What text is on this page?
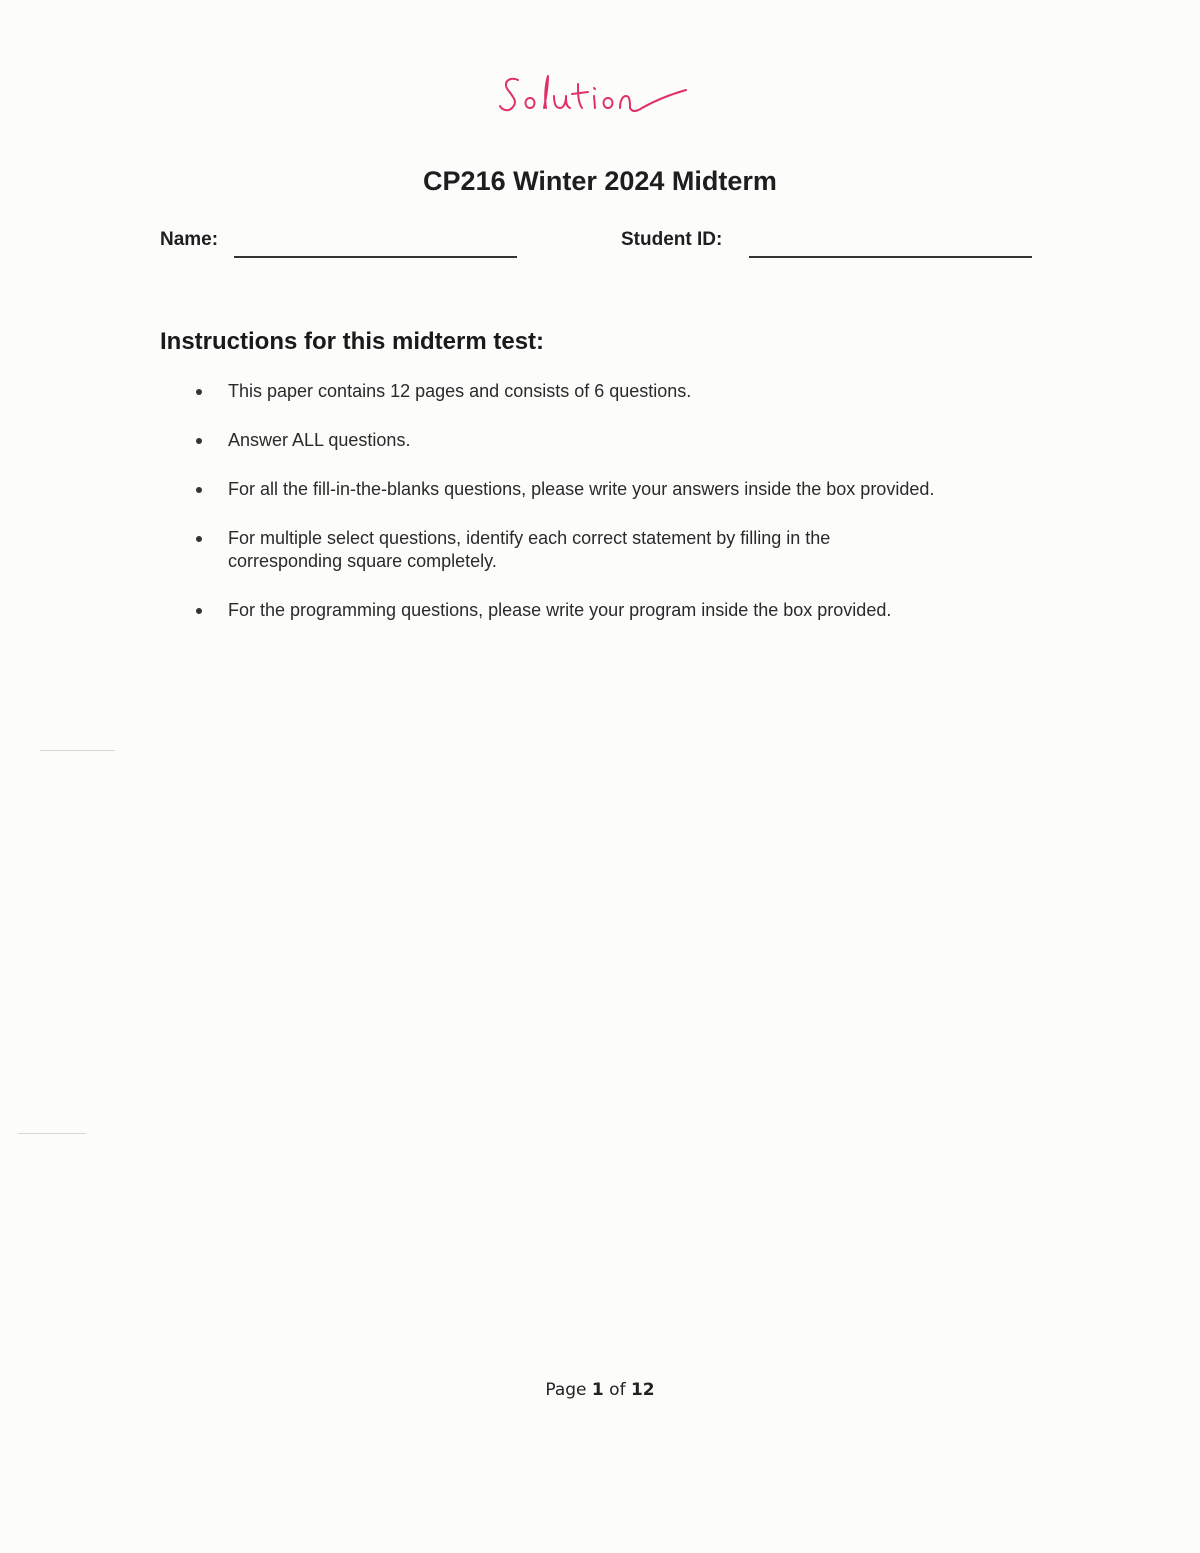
CP216 Winter 2024 Midterm
Name:	Student ID:
Instructions for this midterm test:
This paper contains 12 pages and consists of 6 questions.
Answer ALL questions.
For all the fill-in-the-blanks questions, please write your answers inside the box provided.
For multiple select questions, identify each correct statement by filling in the corresponding square completely.
For the programming questions, please write your program inside the box provided.
Page 1 of 12
